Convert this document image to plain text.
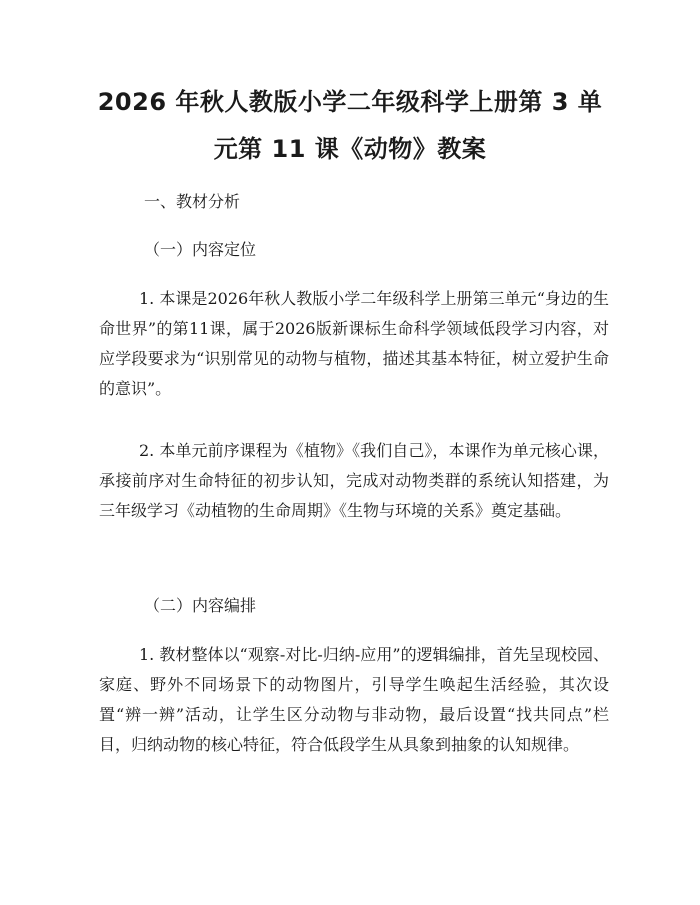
2026 年秋人教版小学二年级科学上册第 3 单
元第 11 课《动物》教案
一、教材分析
（一）内容定位

1. 本课是2026年秋人教版小学二年级科学上册第三单元“身边的生命世界”的第11课，属于2026版新课标生命科学领域低段学习内容，对应学段要求为“识别常见的动物与植物，描述其基本特征，树立爱护生命的意识”。

2. 本单元前序课程为《植物》《我们自己》，本课作为单元核心课，承接前序对生命特征的初步认知，完成对动物类群的系统认知搭建，为三年级学习《动植物的生命周期》《生物与环境的关系》奠定基础。

（二）内容编排

1. 教材整体以“观察-对比-归纳-应用”的逻辑编排，首先呈现校园、家庭、野外不同场景下的动物图片，引导学生唤起生活经验，其次设置“辨一辨”活动，让学生区分动物与非动物，最后设置“找共同点”栏目，归纳动物的核心特征，符合低段学生从具象到抽象的认知规律。
